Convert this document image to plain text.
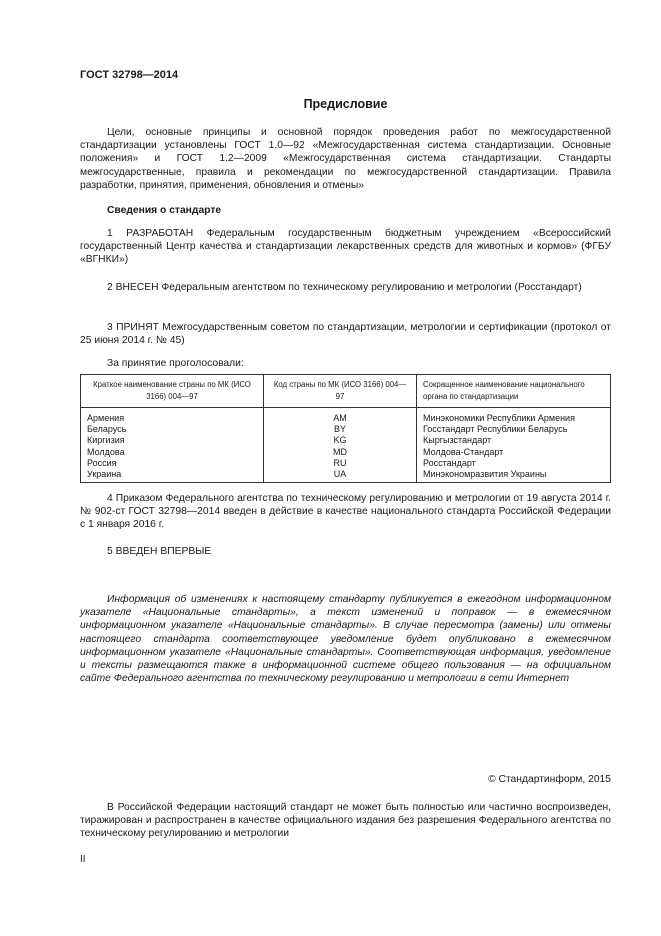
ГОСТ 32798—2014
Предисловие
Цели, основные принципы и основной порядок проведения работ по межгосударственной стандартизации установлены ГОСТ 1.0—92 «Межгосударственная система стандартизации. Основные положения» и ГОСТ 1.2—2009 «Межгосударственная система стандартизации. Стандарты межгосударственные, правила и рекомендации по межгосударственной стандартизации. Правила разработки, принятия, применения, обновления и отмены»
Сведения о стандарте
1 РАЗРАБОТАН Федеральным государственным бюджетным учреждением «Всероссийский государственный Центр качества и стандартизации лекарственных средств для животных и кормов» (ФГБУ «ВГНКИ»)
2 ВНЕСЕН Федеральным агентством по техническому регулированию и метрологии (Росстандарт)
3 ПРИНЯТ Межгосударственным советом по стандартизации, метрологии и сертификации (протокол от 25 июня 2014 г. № 45)
За принятие проголосовали:
Краткое наименование страны по МК (ИСО 3166) 004—97	Код страны по МК (ИСО 3166) 004—97	Сокращенное наименование национального органа по стандартизации
Армения	AM	Минэкономики Республики Армения
Беларусь	BY	Госстандарт Республики Беларусь
Киргизия	KG	Кыргызстандарт
Молдова	MD	Молдова-Стандарт
Россия	RU	Росстандарт
Украина	UA	Минэкономразвития Украины
4 Приказом Федерального агентства по техническому регулированию и метрологии от 19 августа 2014 г. № 902-ст ГОСТ 32798—2014 введен в действие в качестве национального стандарта Российской Федерации с 1 января 2016 г.
5 ВВЕДЕН ВПЕРВЫЕ
Информация об изменениях к настоящему стандарту публикуется в ежегодном информационном указателе «Национальные стандарты», а текст изменений и поправок — в ежемесячном информационном указателе «Национальные стандарты». В случае пересмотра (замены) или отмены настоящего стандарта соответствующее уведомление будет опубликовано в ежемесячном информационном указателе «Национальные стандарты». Соответствующая информация, уведомление и тексты размещаются также в информационной системе общего пользования — на официальном сайте Федерального агентства по техническому регулированию и метрологии в сети Интернет
© Стандартинформ, 2015
В Российской Федерации настоящий стандарт не может быть полностью или частично воспроизведен, тиражирован и распространен в качестве официального издания без разрешения Федерального агентства по техническому регулированию и метрологии
II
